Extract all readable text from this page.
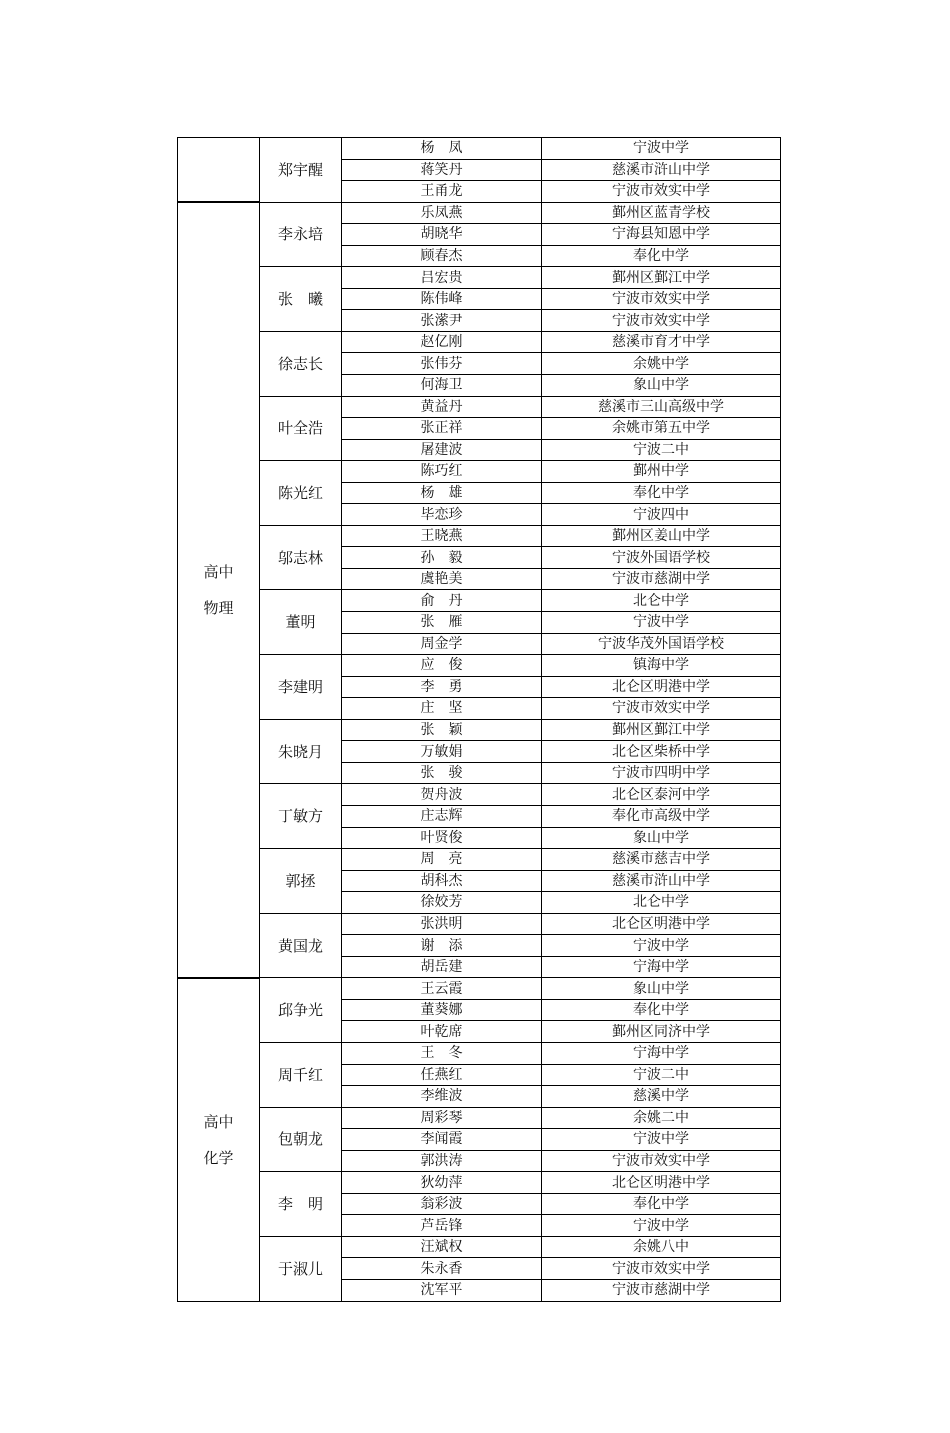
	郑宇醒	杨　凤	宁波中学
		蒋笑丹	慈溪市浒山中学
		王甬龙	宁波市效实中学

高中
物理	李永培	乐凤燕	鄞州区蓝青学校
		胡晓华	宁海县知恩中学
		顾春杰	奉化中学
	张　曦	吕宏贵	鄞州区鄞江中学
		陈伟峰	宁波市效实中学
		张潆尹	宁波市效实中学
	徐志长	赵亿刚	慈溪市育才中学
		张伟芬	余姚中学
		何海卫	象山中学
	叶全浩	黄益丹	慈溪市三山高级中学
		张正祥	余姚市第五中学
		屠建波	宁波二中
	陈光红	陈巧红	鄞州中学
		杨　雄	奉化中学
		毕恋珍	宁波四中
	邬志林	王晓燕	鄞州区姜山中学
		孙　毅	宁波外国语学校
		虞艳美	宁波市慈湖中学
	董明	俞　丹	北仑中学
		张　雁	宁波中学
		周金学	宁波华茂外国语学校
	李建明	应　俊	镇海中学
		李　勇	北仑区明港中学
		庄　坚	宁波市效实中学
	朱晓月	张　颖	鄞州区鄞江中学
		万敏娟	北仑区柴桥中学
		张　骏	宁波市四明中学
	丁敏方	贺舟波	北仑区泰河中学
		庄志辉	奉化市高级中学
		叶贤俊	象山中学
	郭拯	周　亮	慈溪市慈吉中学
		胡科杰	慈溪市浒山中学
		徐姣芳	北仑中学
	黄国龙	张洪明	北仑区明港中学
		谢　添	宁波中学
		胡岳建	宁海中学

高中
化学	邱争光	王云霞	象山中学
		董葵娜	奉化中学
		叶乾席	鄞州区同济中学
	周千红	王　冬	宁海中学
		任燕红	宁波二中
		李维波	慈溪中学
	包朝龙	周彩琴	余姚二中
		李闻霞	宁波中学
		郭洪涛	宁波市效实中学
	李　明	狄幼萍	北仑区明港中学
		翁彩波	奉化中学
		芦岳锋	宁波中学
	于淑儿	汪斌权	余姚八中
		朱永香	宁波市效实中学
		沈军平	宁波市慈湖中学
